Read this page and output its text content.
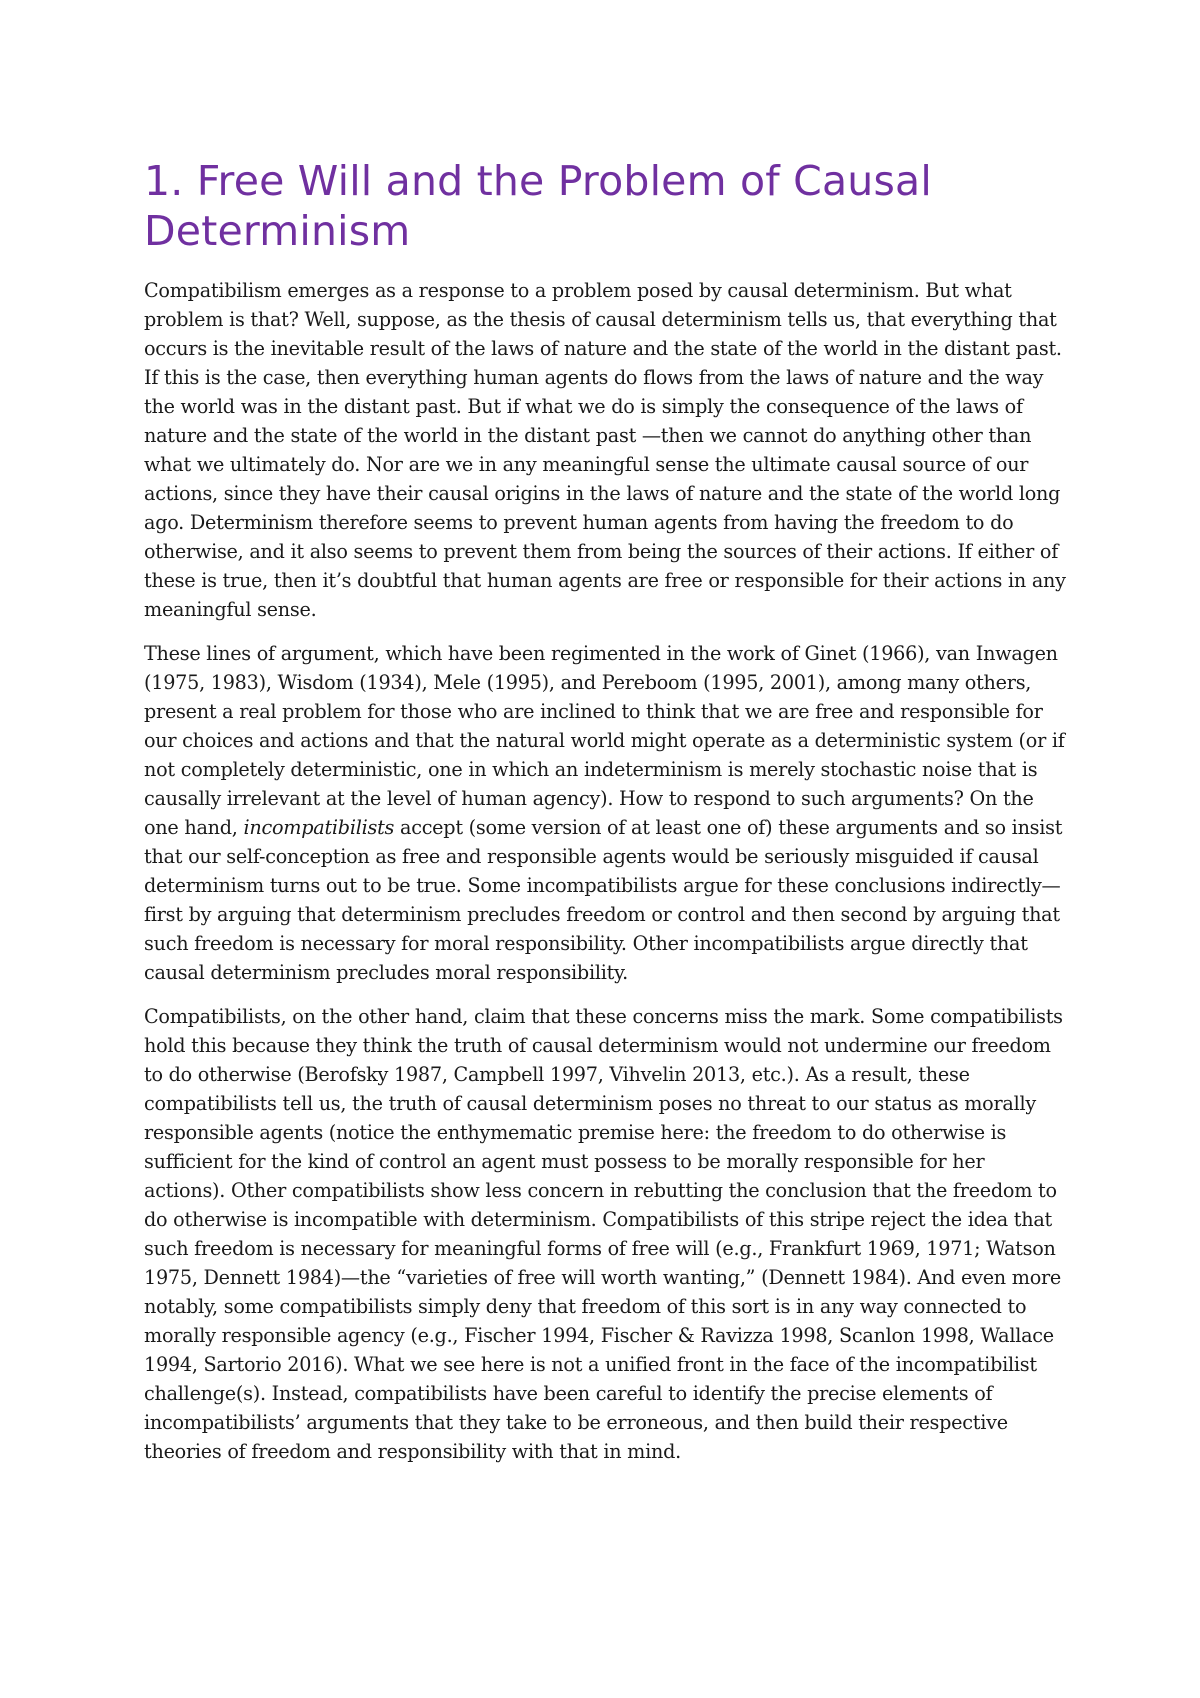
1. Free Will and the Problem of Causal Determinism

Compatibilism emerges as a response to a problem posed by causal determinism. But what problem is that? Well, suppose, as the thesis of causal determinism tells us, that everything that occurs is the inevitable result of the laws of nature and the state of the world in the distant past. If this is the case, then everything human agents do flows from the laws of nature and the way the world was in the distant past. But if what we do is simply the consequence of the laws of nature and the state of the world in the distant past —then we cannot do anything other than what we ultimately do. Nor are we in any meaningful sense the ultimate causal source of our actions, since they have their causal origins in the laws of nature and the state of the world long ago. Determinism therefore seems to prevent human agents from having the freedom to do otherwise, and it also seems to prevent them from being the sources of their actions. If either of these is true, then it’s doubtful that human agents are free or responsible for their actions in any meaningful sense.

These lines of argument, which have been regimented in the work of Ginet (1966), van Inwagen (1975, 1983), Wisdom (1934), Mele (1995), and Pereboom (1995, 2001), among many others, present a real problem for those who are inclined to think that we are free and responsible for our choices and actions and that the natural world might operate as a deterministic system (or if not completely deterministic, one in which an indeterminism is merely stochastic noise that is causally irrelevant at the level of human agency). How to respond to such arguments? On the one hand, incompatibilists accept (some version of at least one of) these arguments and so insist that our self-conception as free and responsible agents would be seriously misguided if causal determinism turns out to be true. Some incompatibilists argue for these conclusions indirectly—first by arguing that determinism precludes freedom or control and then second by arguing that such freedom is necessary for moral responsibility. Other incompatibilists argue directly that causal determinism precludes moral responsibility.

Compatibilists, on the other hand, claim that these concerns miss the mark. Some compatibilists hold this because they think the truth of causal determinism would not undermine our freedom to do otherwise (Berofsky 1987, Campbell 1997, Vihvelin 2013, etc.). As a result, these compatibilists tell us, the truth of causal determinism poses no threat to our status as morally responsible agents (notice the enthymematic premise here: the freedom to do otherwise is sufficient for the kind of control an agent must possess to be morally responsible for her actions). Other compatibilists show less concern in rebutting the conclusion that the freedom to do otherwise is incompatible with determinism. Compatibilists of this stripe reject the idea that such freedom is necessary for meaningful forms of free will (e.g., Frankfurt 1969, 1971; Watson 1975, Dennett 1984)—the “varieties of free will worth wanting,” (Dennett 1984). And even more notably, some compatibilists simply deny that freedom of this sort is in any way connected to morally responsible agency (e.g., Fischer 1994, Fischer & Ravizza 1998, Scanlon 1998, Wallace 1994, Sartorio 2016). What we see here is not a unified front in the face of the incompatibilist challenge(s). Instead, compatibilists have been careful to identify the precise elements of incompatibilists’ arguments that they take to be erroneous, and then build their respective theories of freedom and responsibility with that in mind.
